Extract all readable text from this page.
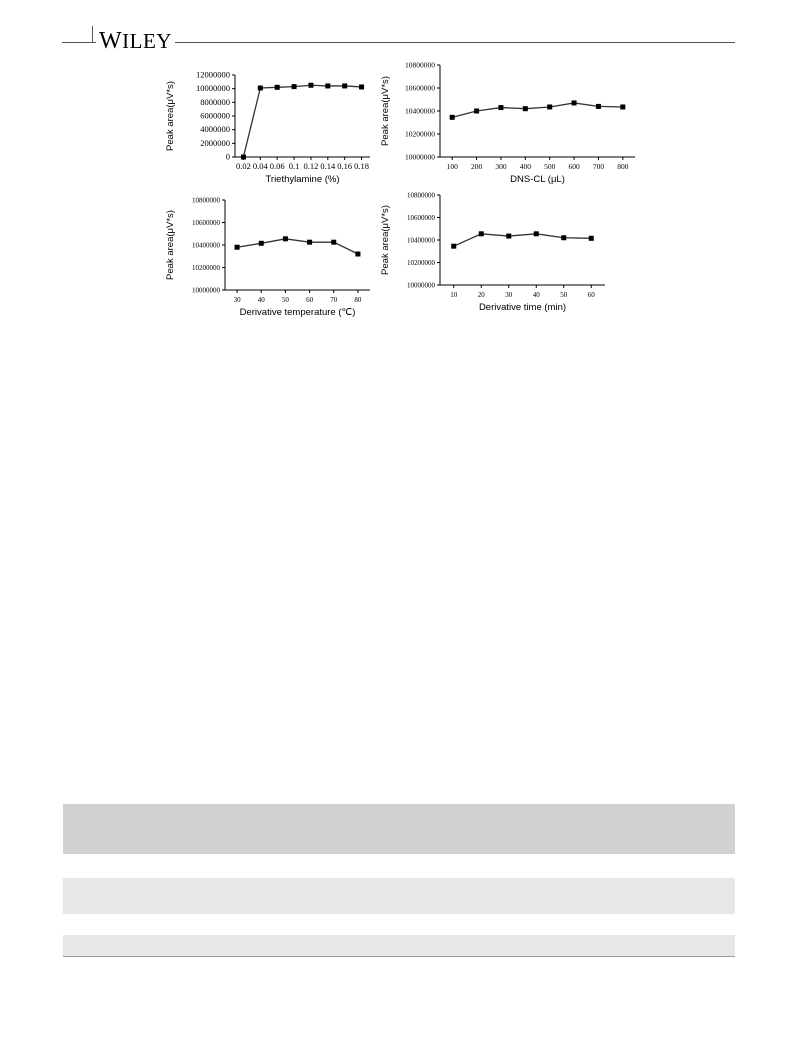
WILEY
0
2000000
4000000
6000000
8000000
10000000
12000000
0.02 0.04 0.06 0.1 0.12 0.14 0.16 0.18
Triethylamine (%)
Peak area(μV*s)
10000000
10200000
10400000
10600000
10800000
100 200 300 400 500 600 700 800
DNS-CL (μL)
Peak area(μV*s)
10000000
10200000
10400000
10600000
10800000
30 40 50 60 70 80
Derivative temperature (℃)
Peak area(μV*s)
10000000
10200000
10400000
10600000
10800000
10	20	30	40	50	60
Derivative time (min)
Peak area(μV*s)
